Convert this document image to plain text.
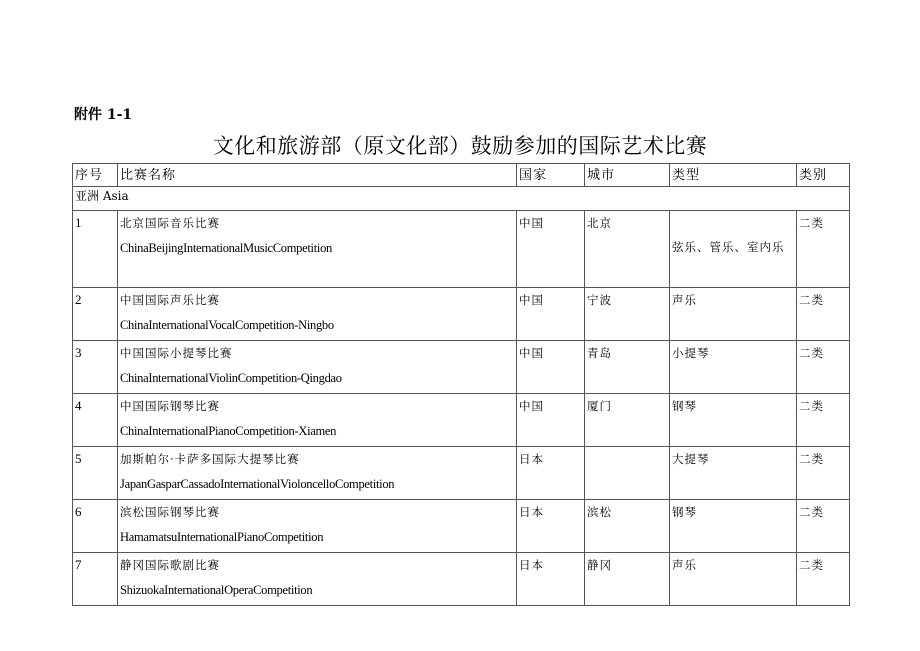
附件 1-1
文化和旅游部（原文化部）鼓励参加的国际艺术比赛
序号	比赛名称	国家	城市	类型	类别
亚洲 Asia					
1	北京国际音乐比赛
ChinaBeijingInternationalMusicCompetition	中国	北京	弦乐、管乐、室内乐	二类
2	中国国际声乐比赛
ChinaInternationalVocalCompetition-Ningbo	中国	宁波	声乐	二类
3	中国国际小提琴比赛
ChinaInternationalViolinCompetition-Qingdao	中国	青岛	小提琴	二类
4	中国国际钢琴比赛
ChinaInternationalPianoCompetition-Xiamen	中国	厦门	钢琴	二类
5	加斯帕尔·卡萨多国际大提琴比赛
JapanGasparCassadoInternationalVioloncelloCompetition	日本		大提琴	二类
6	滨松国际钢琴比赛
HamamatsuInternationalPianoCompetition	日本	滨松	钢琴	二类
7	静冈国际歌剧比赛
ShizuokaInternationalOperaCompetition	日本	静冈	声乐	二类
